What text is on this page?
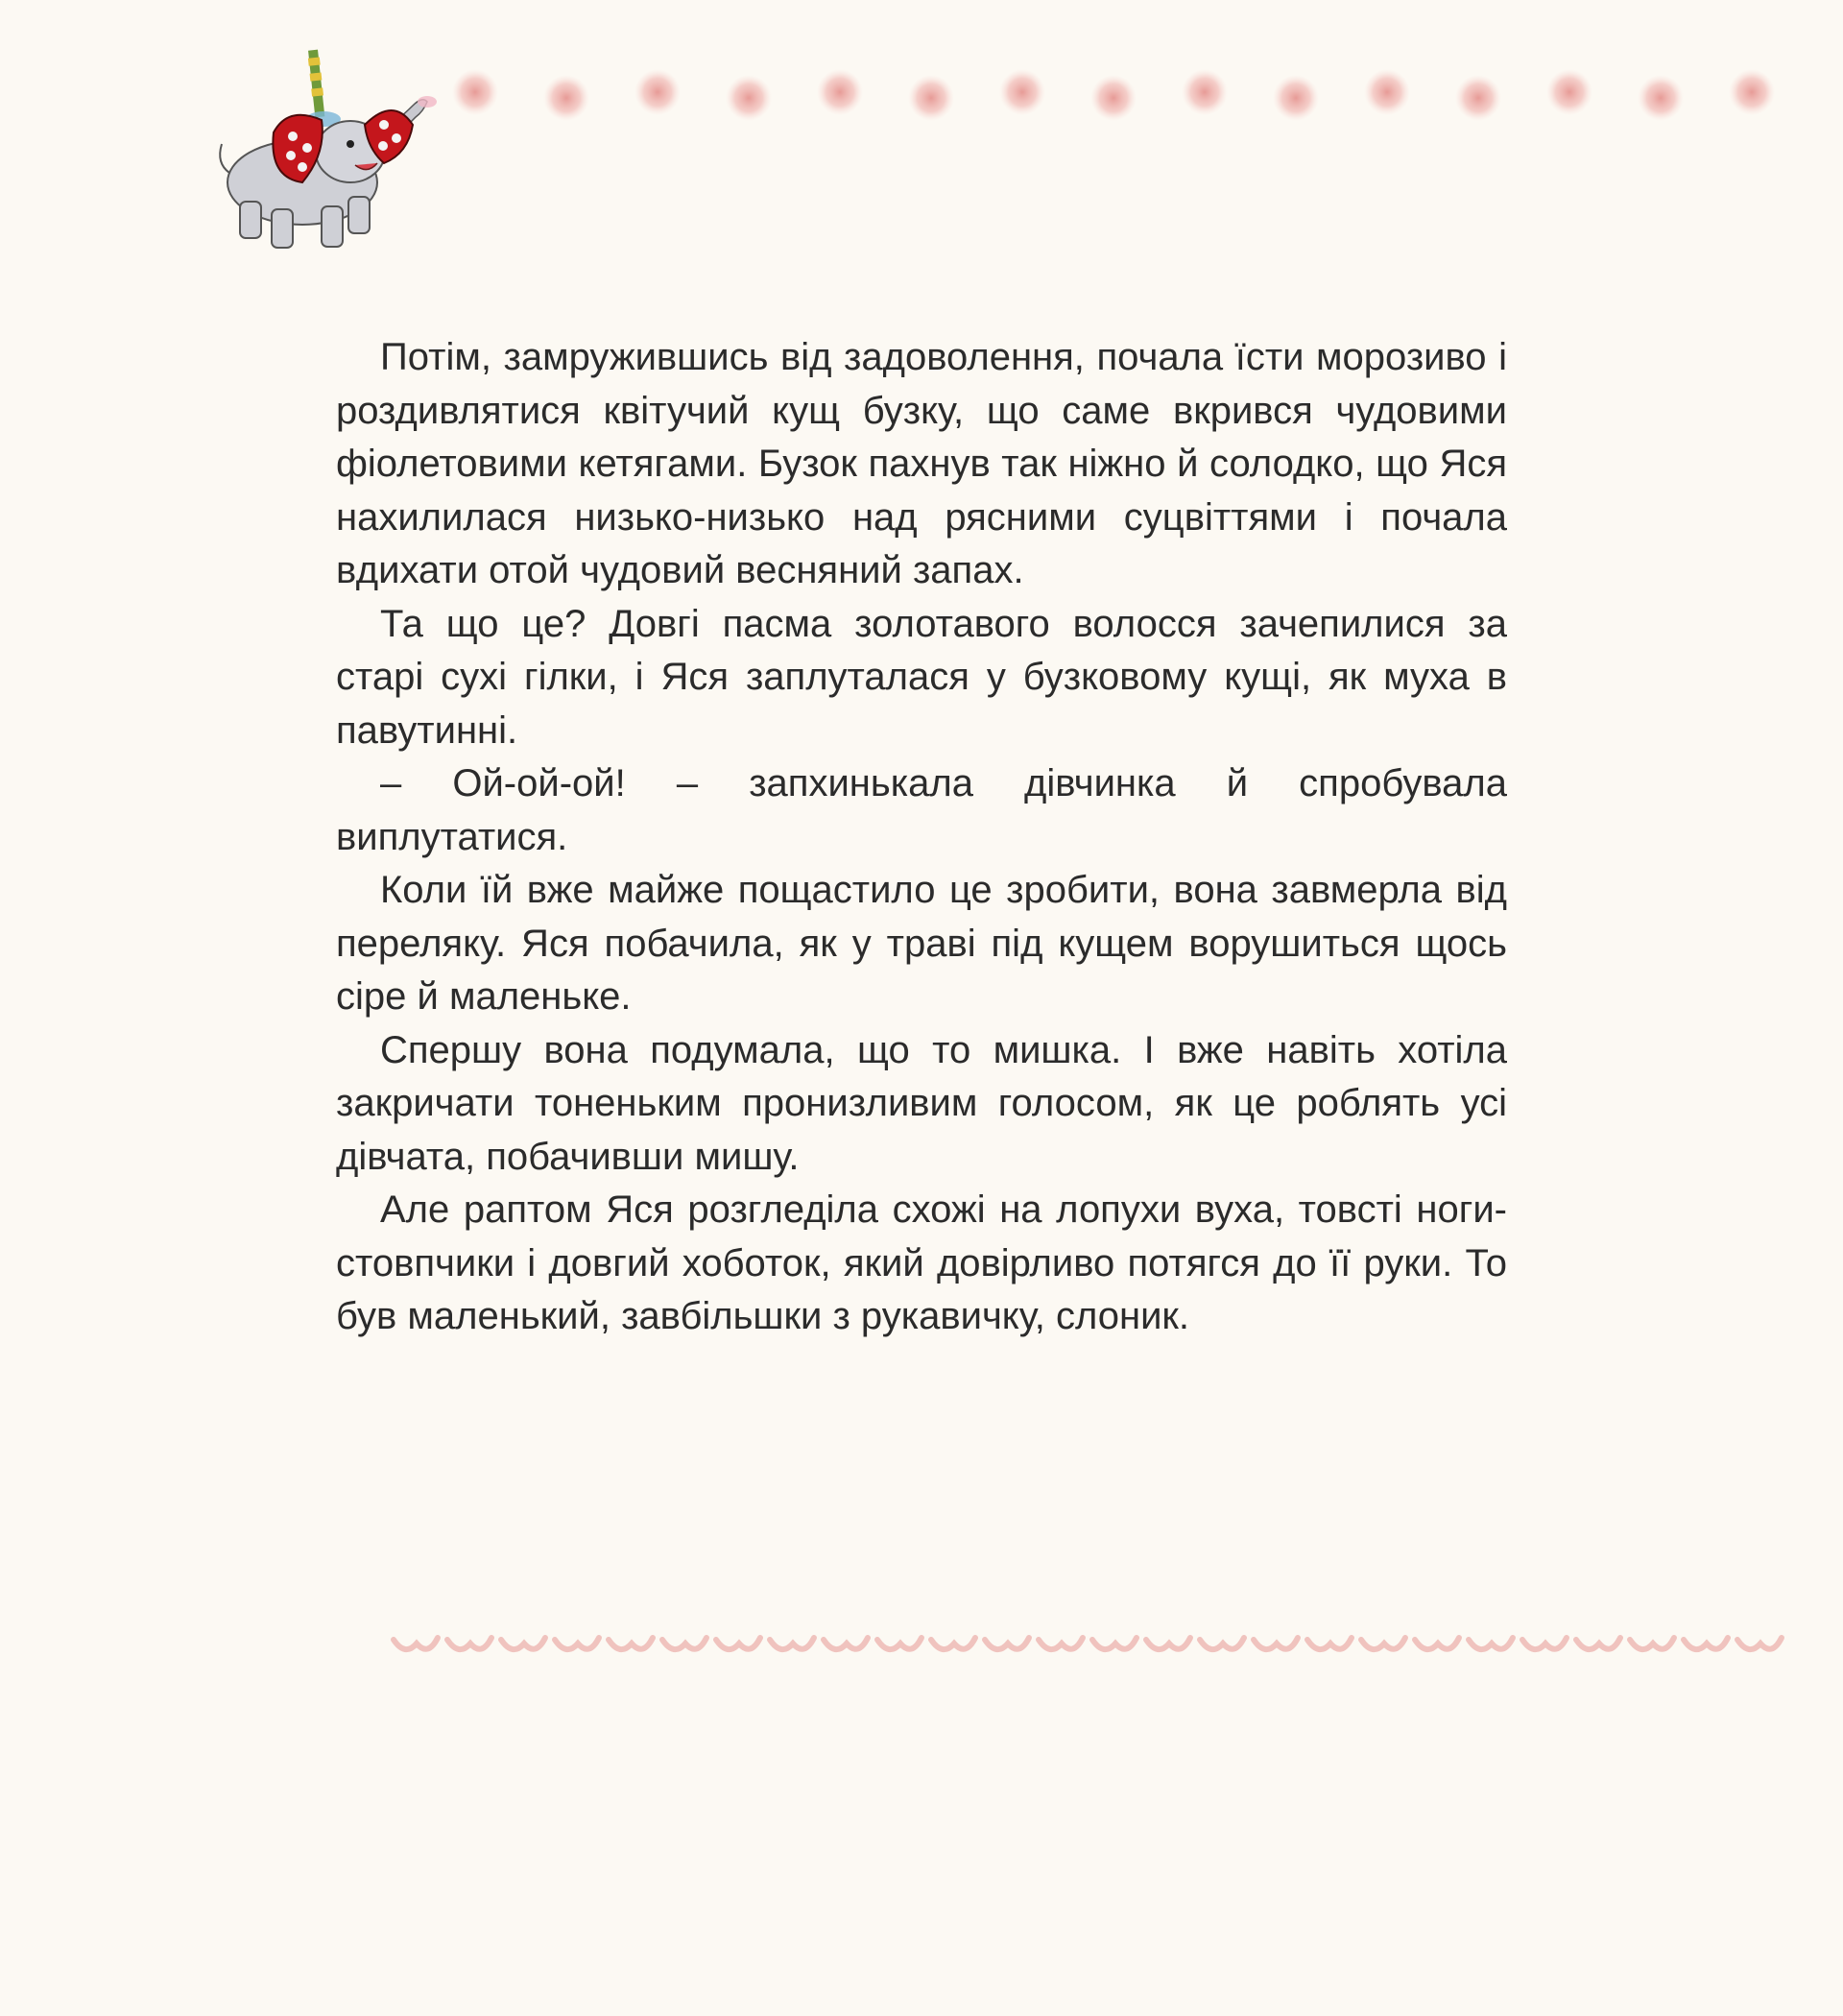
Потім, замружившись від задоволення, почала їсти морозиво і роздивлятися квітучий кущ бузку, що саме вкрився чудовими фіолетовими кетягами. Бузок пахнув так ніжно й солодко, що Яся нахилилася низько-низько над рясними суцвіттями і почала вдихати отой чудовий весняний запах.

Та що це? Довгі пасма золотавого волосся зачепилися за старі сухі гілки, і Яся заплуталася у бузковому кущі, як муха в павутинні.

– Ой-ой-ой! – запхинькала дівчинка й спробувала виплутатися.

Коли їй вже майже пощастило це зробити, вона завмерла від переляку. Яся побачила, як у траві під кущем ворушиться щось сіре й маленьке.

Спершу вона подумала, що то мишка. І вже навіть хотіла закричати тоненьким пронизливим голосом, як це роблять усі дівчата, побачивши мишу.

Але раптом Яся розгледіла схожі на лопухи вуха, товсті ноги-стовпчики і довгий хоботок, який довірливо потягся до її руки. То був маленький, завбільшки з рукавичку, слоник.
